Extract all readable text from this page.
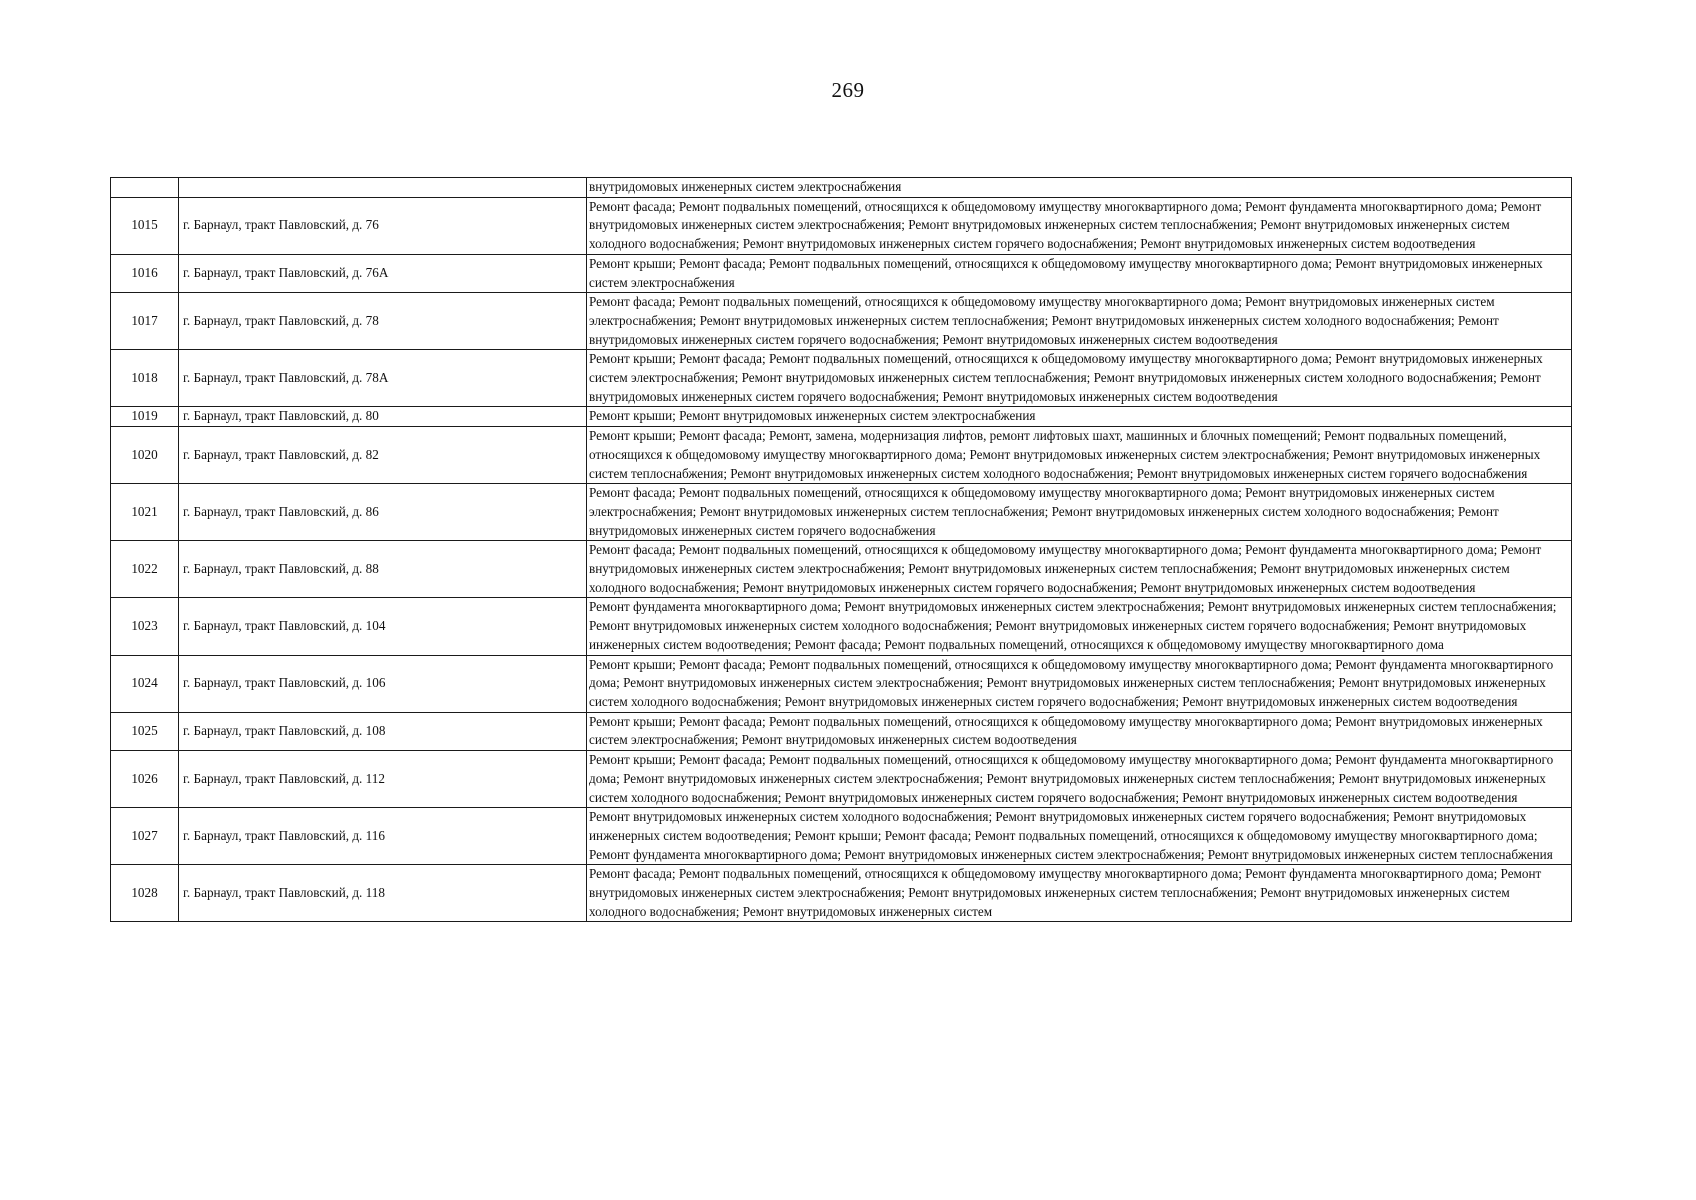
269
		внутридомовых инженерных систем электроснабжения
1015	г. Барнаул, тракт Павловский, д. 76	Ремонт фасада; Ремонт подвальных помещений, относящихся к общедомовому имуществу многоквартирного дома; Ремонт фундамента многоквартирного дома; Ремонт внутридомовых инженерных систем электроснабжения; Ремонт внутридомовых инженерных систем теплоснабжения; Ремонт внутридомовых инженерных систем холодного водоснабжения; Ремонт внутридомовых инженерных систем горячего водоснабжения; Ремонт внутридомовых инженерных систем водоотведения
1016	г. Барнаул, тракт Павловский, д. 76А	Ремонт крыши; Ремонт фасада; Ремонт подвальных помещений, относящихся к общедомовому имуществу многоквартирного дома; Ремонт внутридомовых инженерных систем электроснабжения
1017	г. Барнаул, тракт Павловский, д. 78	Ремонт фасада; Ремонт подвальных помещений, относящихся к общедомовому имуществу многоквартирного дома; Ремонт внутридомовых инженерных систем электроснабжения; Ремонт внутридомовых инженерных систем теплоснабжения; Ремонт внутридомовых инженерных систем холодного водоснабжения; Ремонт внутридомовых инженерных систем горячего водоснабжения; Ремонт внутридомовых инженерных систем водоотведения
1018	г. Барнаул, тракт Павловский, д. 78А	Ремонт крыши; Ремонт фасада; Ремонт подвальных помещений, относящихся к общедомовому имуществу многоквартирного дома; Ремонт внутридомовых инженерных систем электроснабжения; Ремонт внутридомовых инженерных систем теплоснабжения; Ремонт внутридомовых инженерных систем холодного водоснабжения; Ремонт внутридомовых инженерных систем горячего водоснабжения; Ремонт внутридомовых инженерных систем водоотведения
1019	г. Барнаул, тракт Павловский, д. 80	Ремонт крыши; Ремонт внутридомовых инженерных систем электроснабжения
1020	г. Барнаул, тракт Павловский, д. 82	Ремонт крыши; Ремонт фасада; Ремонт, замена, модернизация лифтов, ремонт лифтовых шахт, машинных и блочных помещений; Ремонт подвальных помещений, относящихся к общедомовому имуществу многоквартирного дома; Ремонт внутридомовых инженерных систем электроснабжения; Ремонт внутридомовых инженерных систем теплоснабжения; Ремонт внутридомовых инженерных систем холодного водоснабжения; Ремонт внутридомовых инженерных систем горячего водоснабжения
1021	г. Барнаул, тракт Павловский, д. 86	Ремонт фасада; Ремонт подвальных помещений, относящихся к общедомовому имуществу многоквартирного дома; Ремонт внутридомовых инженерных систем электроснабжения; Ремонт внутридомовых инженерных систем теплоснабжения; Ремонт внутридомовых инженерных систем холодного водоснабжения; Ремонт внутридомовых инженерных систем горячего водоснабжения
1022	г. Барнаул, тракт Павловский, д. 88	Ремонт фасада; Ремонт подвальных помещений, относящихся к общедомовому имуществу многоквартирного дома; Ремонт фундамента многоквартирного дома; Ремонт внутридомовых инженерных систем электроснабжения; Ремонт внутридомовых инженерных систем теплоснабжения; Ремонт внутридомовых инженерных систем холодного водоснабжения; Ремонт внутридомовых инженерных систем горячего водоснабжения; Ремонт внутридомовых инженерных систем водоотведения
1023	г. Барнаул, тракт Павловский, д. 104	Ремонт фундамента многоквартирного дома; Ремонт внутридомовых инженерных систем электроснабжения; Ремонт внутридомовых инженерных систем теплоснабжения; Ремонт внутридомовых инженерных систем холодного водоснабжения; Ремонт внутридомовых инженерных систем горячего водоснабжения; Ремонт внутридомовых инженерных систем водоотведения; Ремонт фасада; Ремонт подвальных помещений, относящихся к общедомовому имуществу многоквартирного дома
1024	г. Барнаул, тракт Павловский, д. 106	Ремонт крыши; Ремонт фасада; Ремонт подвальных помещений, относящихся к общедомовому имуществу многоквартирного дома; Ремонт фундамента многоквартирного дома; Ремонт внутридомовых инженерных систем электроснабжения; Ремонт внутридомовых инженерных систем теплоснабжения; Ремонт внутридомовых инженерных систем холодного водоснабжения; Ремонт внутридомовых инженерных систем горячего водоснабжения; Ремонт внутридомовых инженерных систем водоотведения
1025	г. Барнаул, тракт Павловский, д. 108	Ремонт крыши; Ремонт фасада; Ремонт подвальных помещений, относящихся к общедомовому имуществу многоквартирного дома; Ремонт внутридомовых инженерных систем электроснабжения; Ремонт внутридомовых инженерных систем водоотведения
1026	г. Барнаул, тракт Павловский, д. 112	Ремонт крыши; Ремонт фасада; Ремонт подвальных помещений, относящихся к общедомовому имуществу многоквартирного дома; Ремонт фундамента многоквартирного дома; Ремонт внутридомовых инженерных систем электроснабжения; Ремонт внутридомовых инженерных систем теплоснабжения; Ремонт внутридомовых инженерных систем холодного водоснабжения; Ремонт внутридомовых инженерных систем горячего водоснабжения; Ремонт внутридомовых инженерных систем водоотведения
1027	г. Барнаул, тракт Павловский, д. 116	Ремонт внутридомовых инженерных систем холодного водоснабжения; Ремонт внутридомовых инженерных систем горячего водоснабжения; Ремонт внутридомовых инженерных систем водоотведения; Ремонт крыши; Ремонт фасада; Ремонт подвальных помещений, относящихся к общедомовому имуществу многоквартирного дома; Ремонт фундамента многоквартирного дома; Ремонт внутридомовых инженерных систем электроснабжения; Ремонт внутридомовых инженерных систем теплоснабжения
1028	г. Барнаул, тракт Павловский, д. 118	Ремонт фасада; Ремонт подвальных помещений, относящихся к общедомовому имуществу многоквартирного дома; Ремонт фундамента многоквартирного дома; Ремонт внутридомовых инженерных систем электроснабжения; Ремонт внутридомовых инженерных систем теплоснабжения; Ремонт внутридомовых инженерных систем холодного водоснабжения; Ремонт внутридомовых инженерных систем
